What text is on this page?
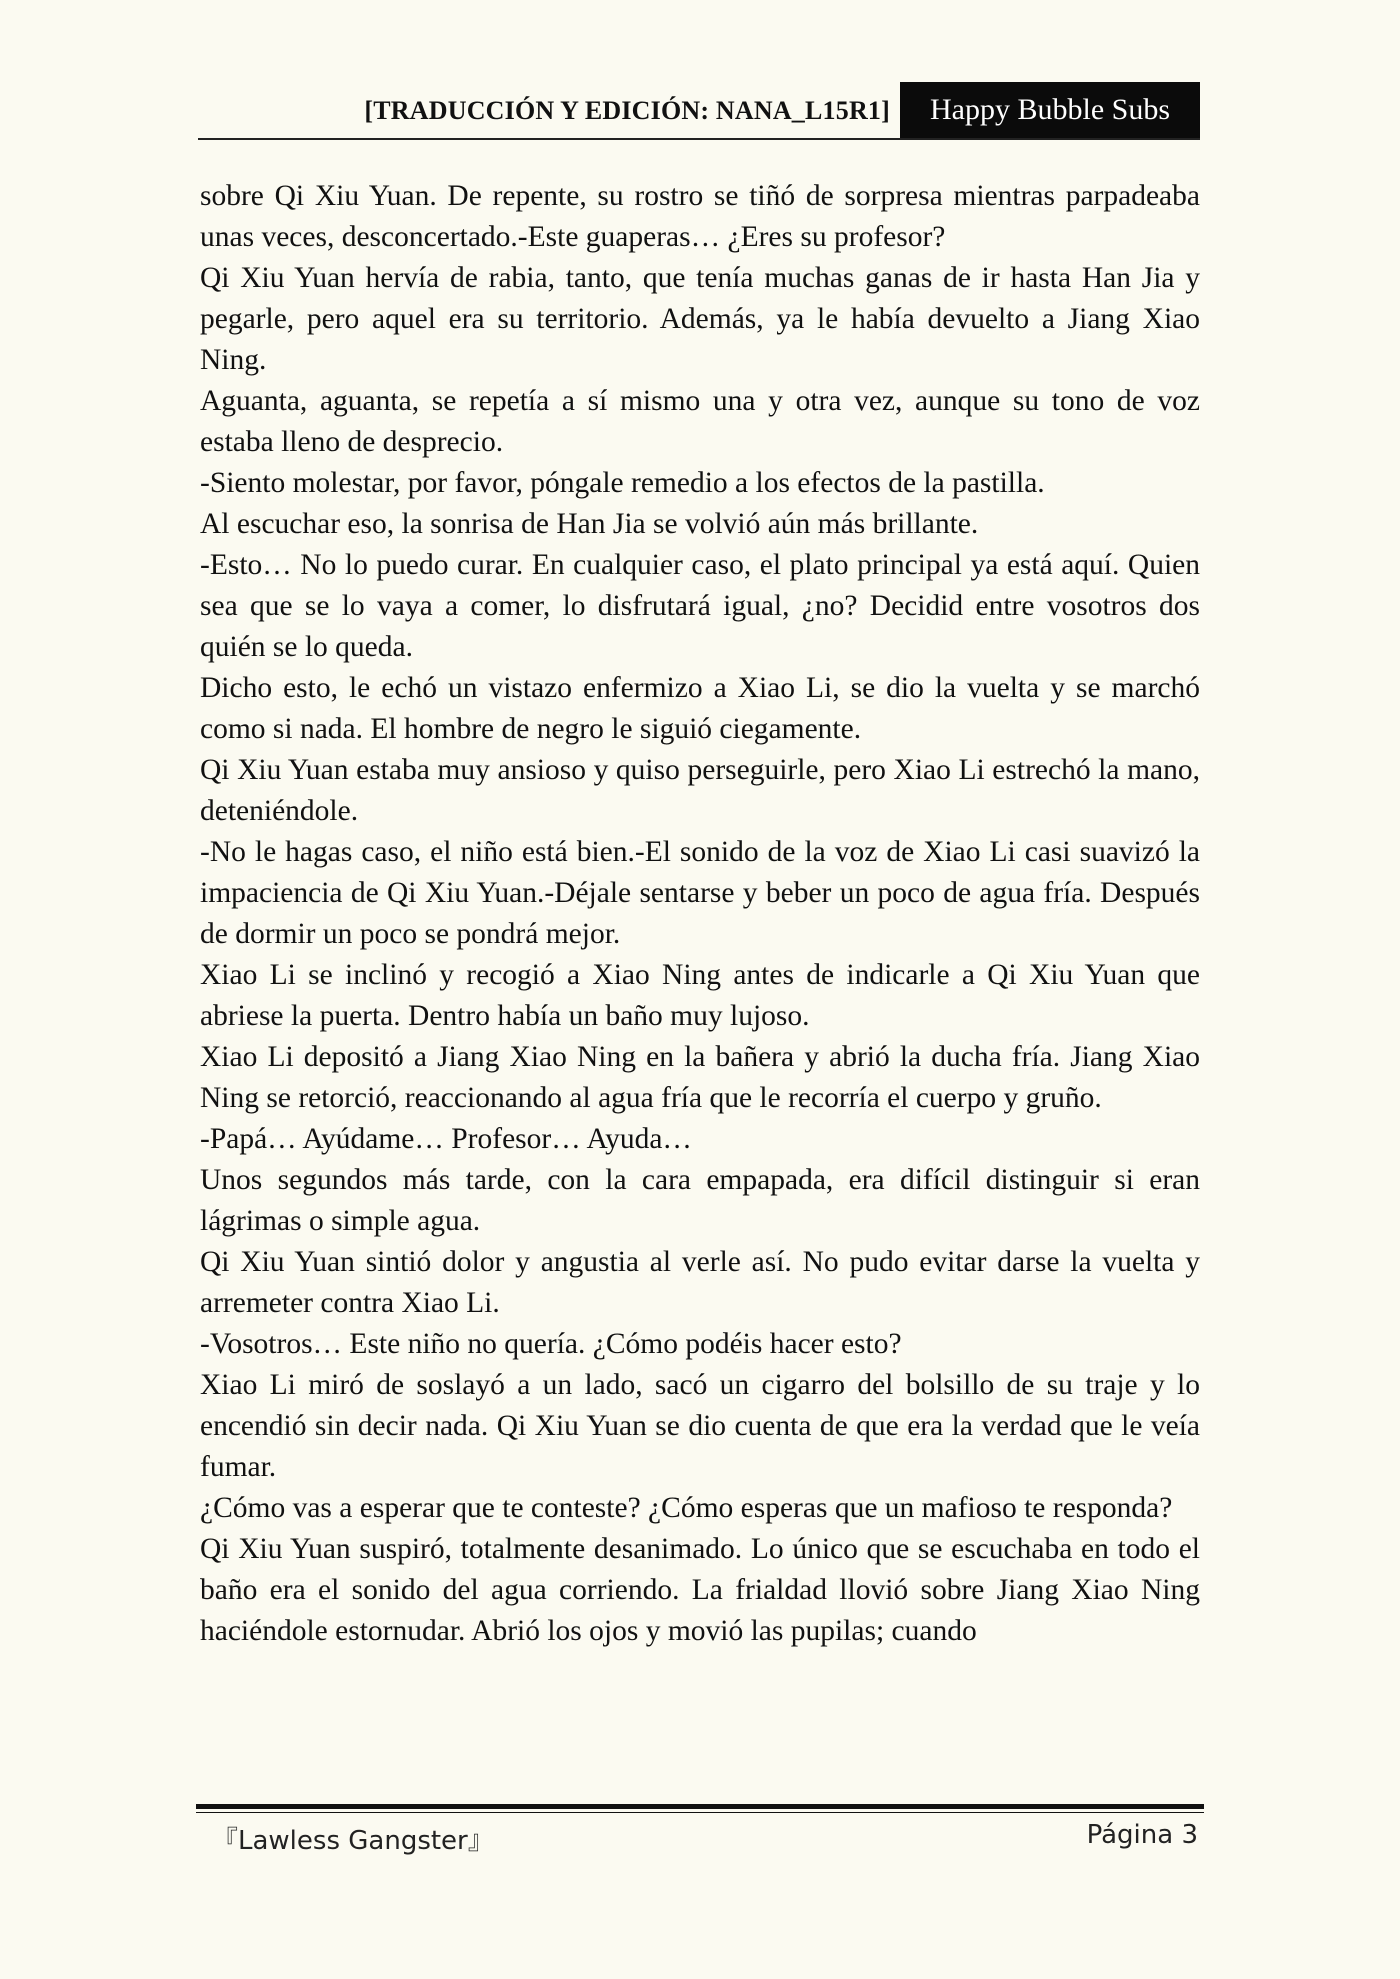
[TRADUCCIÓN Y EDICIÓN: NANA_L15R1]	Happy Bubble Subs

sobre Qi Xiu Yuan. De repente, su rostro se tiñó de sorpresa mientras parpadeaba unas veces, desconcertado.-Este guaperas… ¿Eres su profesor?

Qi Xiu Yuan hervía de rabia, tanto, que tenía muchas ganas de ir hasta Han Jia y pegarle, pero aquel era su territorio. Además, ya le había devuelto a Jiang Xiao Ning.

Aguanta, aguanta, se repetía a sí mismo una y otra vez, aunque su tono de voz estaba lleno de desprecio.

-Siento molestar, por favor, póngale remedio a los efectos de la pastilla.

Al escuchar eso, la sonrisa de Han Jia se volvió aún más brillante.

-Esto… No lo puedo curar. En cualquier caso, el plato principal ya está aquí. Quien sea que se lo vaya a comer, lo disfrutará igual, ¿no? Decidid entre vosotros dos quién se lo queda.

Dicho esto, le echó un vistazo enfermizo a Xiao Li, se dio la vuelta y se marchó como si nada. El hombre de negro le siguió ciegamente.

Qi Xiu Yuan estaba muy ansioso y quiso perseguirle, pero Xiao Li estrechó la mano, deteniéndole.

-No le hagas caso, el niño está bien.-El sonido de la voz de Xiao Li casi suavizó la impaciencia de Qi Xiu Yuan.-Déjale sentarse y beber un poco de agua fría. Después de dormir un poco se pondrá mejor.

Xiao Li se inclinó y recogió a Xiao Ning antes de indicarle a Qi Xiu Yuan que abriese la puerta. Dentro había un baño muy lujoso.

Xiao Li depositó a Jiang Xiao Ning en la bañera y abrió la ducha fría. Jiang Xiao Ning se retorció, reaccionando al agua fría que le recorría el cuerpo y gruño.

-Papá… Ayúdame… Profesor… Ayuda…

Unos segundos más tarde, con la cara empapada, era difícil distinguir si eran lágrimas o simple agua.

Qi Xiu Yuan sintió dolor y angustia al verle así. No pudo evitar darse la vuelta y arremeter contra Xiao Li.

-Vosotros… Este niño no quería. ¿Cómo podéis hacer esto?

Xiao Li miró de soslayó a un lado, sacó un cigarro del bolsillo de su traje y lo encendió sin decir nada. Qi Xiu Yuan se dio cuenta de que era la verdad que le veía fumar.

¿Cómo vas a esperar que te conteste? ¿Cómo esperas que un mafioso te responda?

Qi Xiu Yuan suspiró, totalmente desanimado. Lo único que se escuchaba en todo el baño era el sonido del agua corriendo. La frialdad llovió sobre Jiang Xiao Ning haciéndole estornudar. Abrió los ojos y movió las pupilas; cuando

『Lawless Gangster』	Página 3
